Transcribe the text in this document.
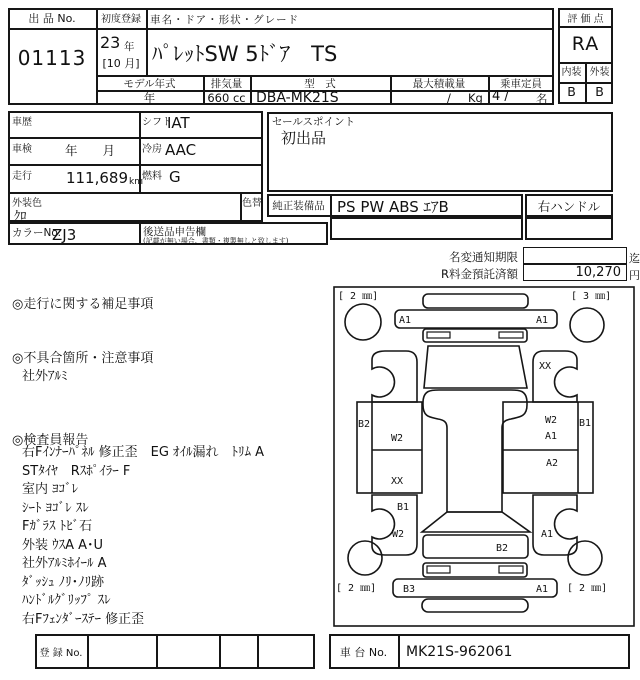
出 品 No.
01113
初度登録
23 年
[10 月]
車名・ドア・形状・グレード
ﾊﾟﾚｯﾄSW 5ﾄﾞｱ　TS
モデル年式	排気量	型　式	最大積載量	乗車定員
年	660 cc DBA-MK21S	/ Kg 4 / 名
評 価 点
RA
内装 外装
B	B
車歴	シフト
IAT
車検	年　　月	冷房 AAC
走行	111,689 km 燃料 G
外装色
ｸﾛ
色替
カラーNo.
ZJ3	後送品申告欄
(記載が無い場合、書類・複製無しと致します)
セールスポイント
初出品
純正装備品 PS PW ABS ｴｱB	右ハンドル
名変通知期限	迄
R料金預託済額	10,270 円
◎走行に関する補足事項
◎不具合箇所・注意事項
社外ｱﾙﾐ
◎検査員報告
右Fｲﾝﾅｰﾊﾟﾈﾙ 修正歪　EG ｵｲﾙ漏れ　ﾄﾘﾑ A
STﾀｲﾔ　Rｽﾎﾟｲﾗｰ F
室内 ﾖｺﾞﾚ
ｼｰﾄ ﾖｺﾞﾚ ｽﾚ
Fｶﾞﾗｽ ﾄﾋﾞ石
外装 ｳｽA A･U
社外ｱﾙﾐﾎｲｰﾙ A
ﾀﾞｯｼｭ ﾉﾘ･ﾉﾘ跡
ﾊﾝﾄﾞﾙｸﾞﾘｯﾌﾟ ｽﾚ
右Fﾌｪﾝﾀﾞｰｽﾃｰ 修正歪
[ 2 ㎜]	[ 3 ㎜]
[ 2 ㎜]	[ 2 ㎜]
A1	A1
XX
B2
W2
XX
W2
A1
A2
B1
B1
W2	A1
B2
B3	A1
登 録 No.	車 台 No.	MK21S-962061
